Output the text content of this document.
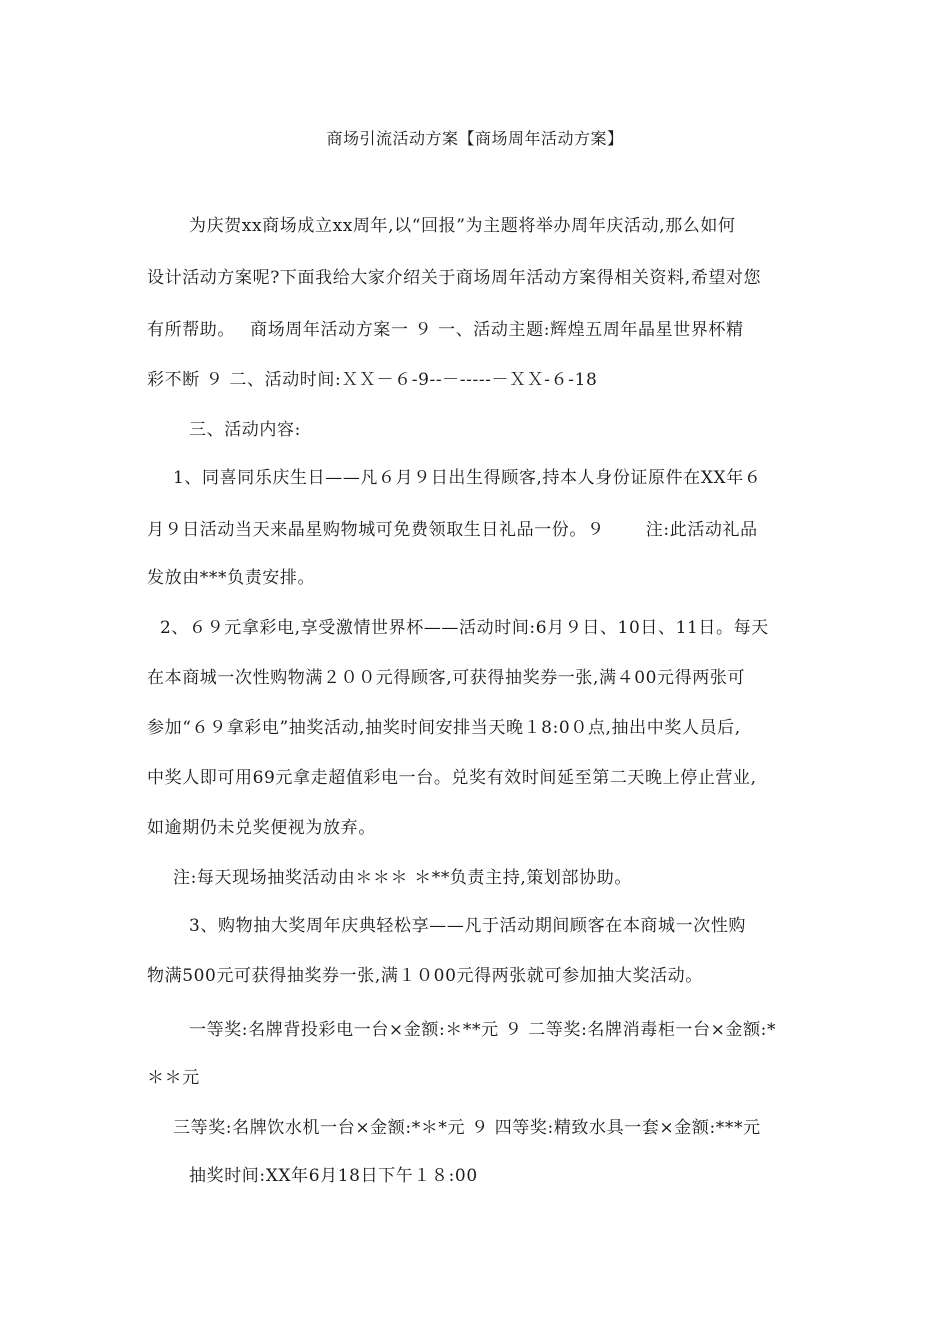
商场引流活动方案【商场周年活动方案】
为庆贺xx商场成立xx周年,以“回报”为主题将举办周年庆活动,那么如何
设计活动方案呢?下面我给大家介绍关于商场周年活动方案得相关资料,希望对您
有所帮助。　 商场周年活动方案一 ９ 一、活动主题:辉煌五周年晶星世界杯精
彩不断 ９ 二、活动时间:ＸＸ－６-9--－-----－ＸＸ-６-18
三、活动内容:
1、同喜同乐庆生日——凡６月９日出生得顾客,持本人身份证原件在XX年６
月９日活动当天来晶星购物城可免费领取生日礼品一份。９　　 注:此活动礼品
发放由***负责安排。
2、６９元拿彩电,享受激情世界杯——活动时间:6月９日、10日、11日。每天
在本商城一次性购物满２００元得顾客,可获得抽奖券一张,满４00元得两张可
参加“６９拿彩电”抽奖活动,抽奖时间安排当天晚１8:0０点,抽出中奖人员后,
中奖人即可用69元拿走超值彩电一台。兑奖有效时间延至第二天晚上停止营业,
如逾期仍未兑奖便视为放弃。
注:每天现场抽奖活动由＊＊＊ ＊**负责主持,策划部协助。
3、购物抽大奖周年庆典轻松享——凡于活动期间顾客在本商城一次性购
物满500元可获得抽奖券一张,满１０00元得两张就可参加抽大奖活动。
一等奖:名牌背投彩电一台×金额:＊**元 ９ 二等奖:名牌消毒柜一台×金额:*
＊＊元
三等奖:名牌饮水机一台×金额:*＊*元 ９ 四等奖:精致水具一套×金额:***元
抽奖时间:XX年6月18日下午１８:00
